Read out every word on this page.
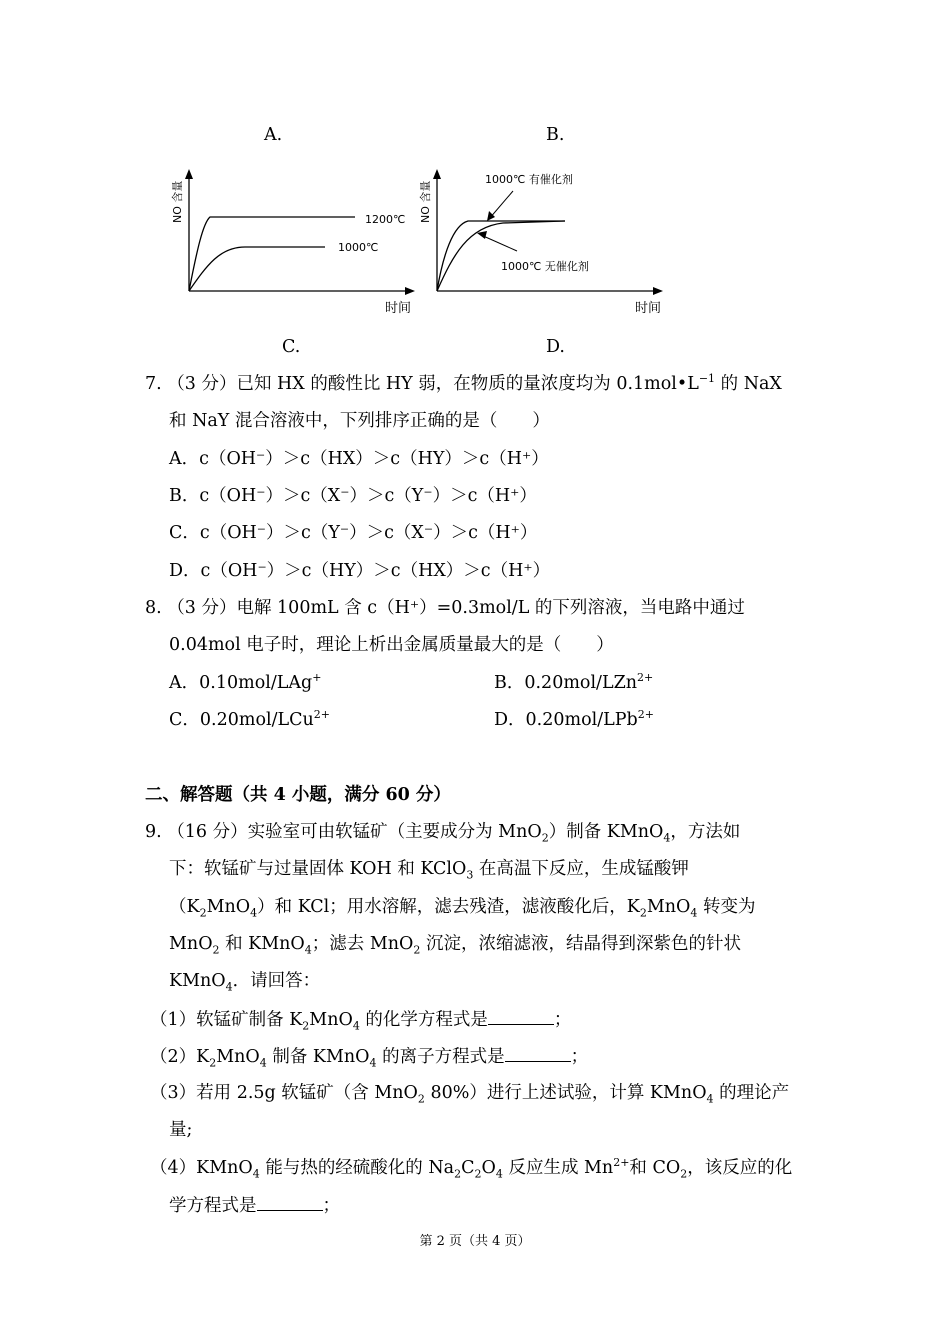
A.	B.
NO 含量
时间
1200℃
1000℃
NO 含量
时间
1000℃ 有催化剂
1000℃ 无催化剂
C.	D.
7. （3 分）已知 HX 的酸性比 HY 弱，在物质的量浓度均为 $0.1mol•L^{-1}$ 的 NaX
和 NaY 混合溶液中，下列排序正确的是（　　）
A．c（OH⁻）＞c（HX）＞c（HY）＞c（H⁺）
B．c（OH⁻）＞c（X⁻）＞c（Y⁻）＞c（H⁺）
C．c（OH⁻）＞c（Y⁻）＞c（X⁻）＞c（H⁺）
D．c（OH⁻）＞c（HY）＞c（HX）＞c（H⁺）
8. （3 分）电解 100mL 含 c（H⁺）=0.3mol/L 的下列溶液，当电路中通过
0.04mol 电子时，理论上析出金属质量最大的是（　　）
A．0.10mol/LAg+	B．0.20mol/LZn$^{2+}$
C．0.20mol/LCu$^{2+}$	D．0.20mol/LPb$^{2+}$
二、解答题（共 4 小题，满分 60 分）
9. （16 分）实验室可由软锰矿（主要成分为 MnO$_2$）制备 KMnO$_4$，方法如
下：软锰矿与过量固体 KOH 和 KClO$_3$ 在高温下反应，生成锰酸钾
$(K_2MnO_4)$和 KCl；用水溶解，滤去残渣，滤液酸化后，$K_2MnO_4$ 转变为
MnO$_2$ 和 KMnO$_4$；滤去 MnO$_2$ 沉淀，浓缩滤液，结晶得到深紫色的针状
KMnO$_4$．请回答：
（1）软锰矿制备 $K_2MnO_4$ 的化学方程式是	；
$(2)K_2MnO_4$ 制备 KMnO$_4$ 的离子方程式是	；
（3）若用 2.5g 软锰矿（含 MnO$_2$ 80%）进行上述试验，计算 KMnO$_4$ 的理论产
量;
（4）KMnO$_4$ 能与热的经硫酸化的 $Na_2C_2O_4$ 反应生成 $Mn^{2+}$和 $CO_2$，该反应的化
学方程式是	；
第 2 页（共 4 页）
